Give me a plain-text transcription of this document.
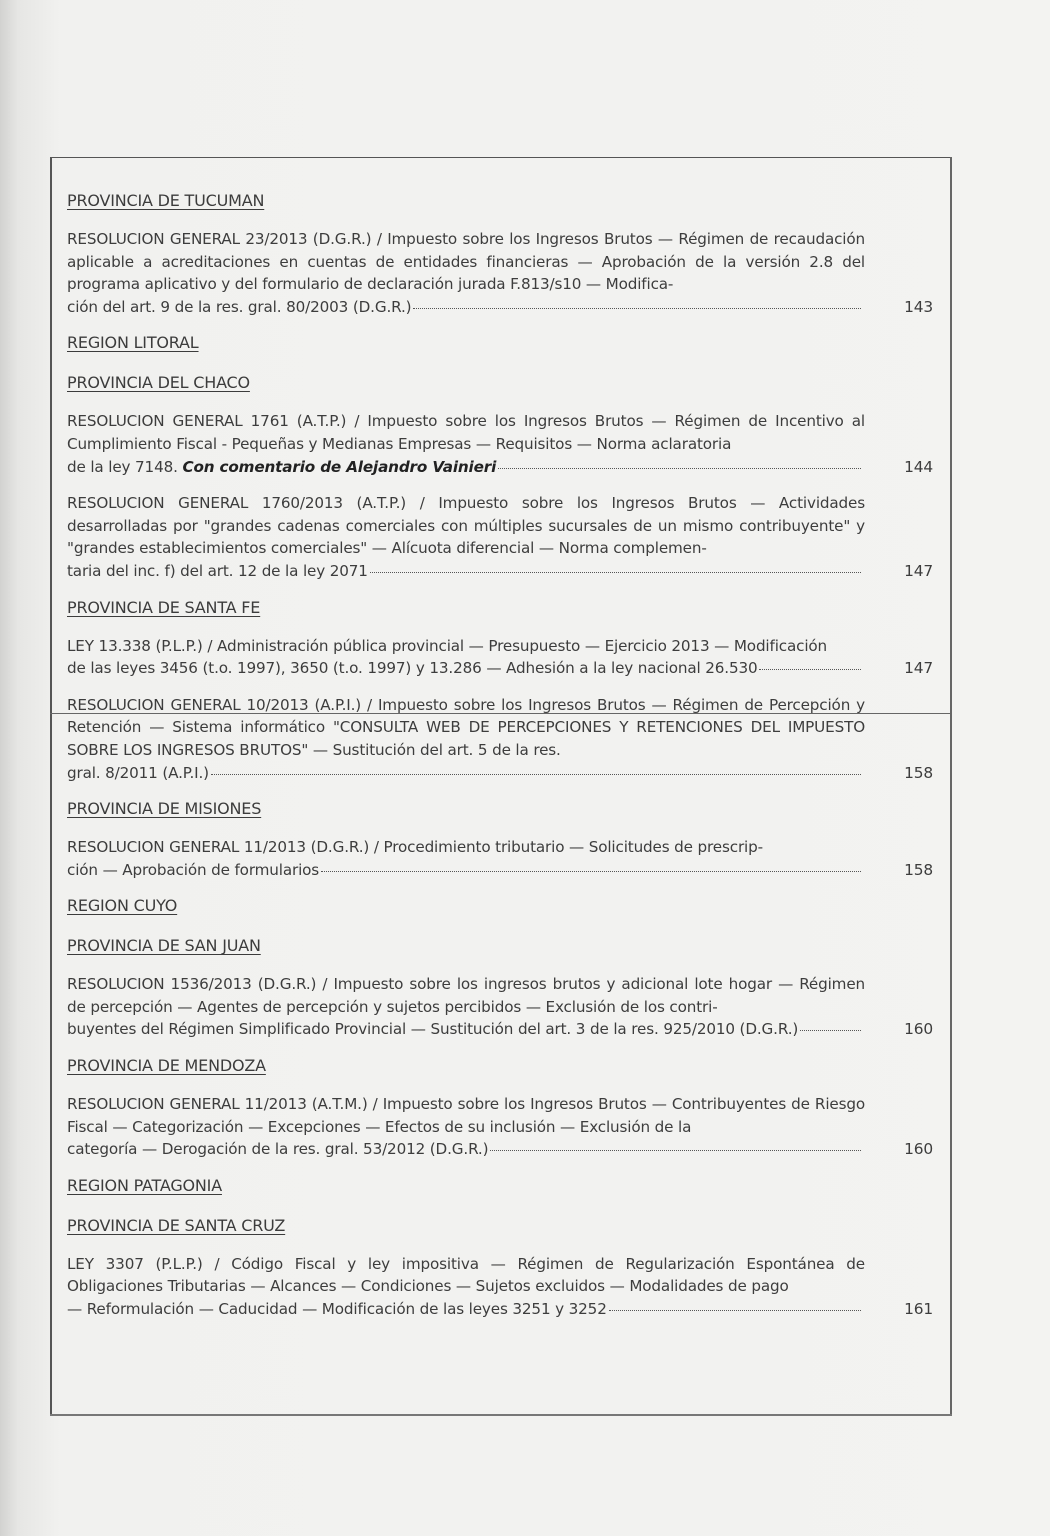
PROVINCIA DE TUCUMAN

RESOLUCION GENERAL 23/2013 (D.G.R.) / Impuesto sobre los Ingresos Brutos — Régimen de recaudación aplicable a acreditaciones en cuentas de entidades financieras — Aprobación de la versión 2.8 del programa aplicativo y del formulario de declaración jurada F.813/s10 — Modifica-
ción del art. 9 de la res. gral. 80/2003 (D.G.R.)	143

REGION LITORAL

PROVINCIA DEL CHACO

RESOLUCION GENERAL 1761 (A.T.P.) / Impuesto sobre los Ingresos Brutos — Régimen de Incentivo al Cumplimiento Fiscal - Pequeñas y Medianas Empresas — Requisitos — Norma aclaratoria
de la ley 7148. Con comentario de Alejandro Vainieri	144
RESOLUCION GENERAL 1760/2013 (A.T.P.) / Impuesto sobre los Ingresos Brutos — Actividades desarrolladas por "grandes cadenas comerciales con múltiples sucursales de un mismo contribuyente" y "grandes establecimientos comerciales" — Alícuota diferencial — Norma complemen-
taria del inc. f) del art. 12 de la ley 2071	147

PROVINCIA DE SANTA FE

LEY 13.338 (P.L.P.) / Administración pública provincial — Presupuesto — Ejercicio 2013 — Modificación
de las leyes 3456 (t.o. 1997), 3650 (t.o. 1997) y 13.286 — Adhesión a la ley nacional 26.530	147
RESOLUCION GENERAL 10/2013 (A.P.I.) / Impuesto sobre los Ingresos Brutos — Régimen de Percepción y Retención — Sistema informático "CONSULTA WEB DE PERCEPCIONES Y RETENCIONES DEL IMPUESTO SOBRE LOS INGRESOS BRUTOS" — Sustitución del art. 5 de la res.
gral. 8/2011 (A.P.I.)	158

PROVINCIA DE MISIONES

RESOLUCION GENERAL 11/2013 (D.G.R.) / Procedimiento tributario — Solicitudes de prescrip-
ción — Aprobación de formularios	158

REGION CUYO

PROVINCIA DE SAN JUAN

RESOLUCION 1536/2013 (D.G.R.) / Impuesto sobre los ingresos brutos y adicional lote hogar — Régimen de percepción — Agentes de percepción y sujetos percibidos — Exclusión de los contri-
buyentes del Régimen Simplificado Provincial — Sustitución del art. 3 de la res. 925/2010 (D.G.R.)	160

PROVINCIA DE MENDOZA

RESOLUCION GENERAL 11/2013 (A.T.M.) / Impuesto sobre los Ingresos Brutos — Contribuyentes de Riesgo Fiscal — Categorización — Excepciones — Efectos de su inclusión — Exclusión de la
categoría — Derogación de la res. gral. 53/2012 (D.G.R.)	160

REGION PATAGONIA

PROVINCIA DE SANTA CRUZ

LEY 3307 (P.L.P.) / Código Fiscal y ley impositiva — Régimen de Regularización Espontánea de Obligaciones Tributarias — Alcances — Condiciones — Sujetos excluidos — Modalidades de pago
— Reformulación — Caducidad — Modificación de las leyes 3251 y 3252	161
